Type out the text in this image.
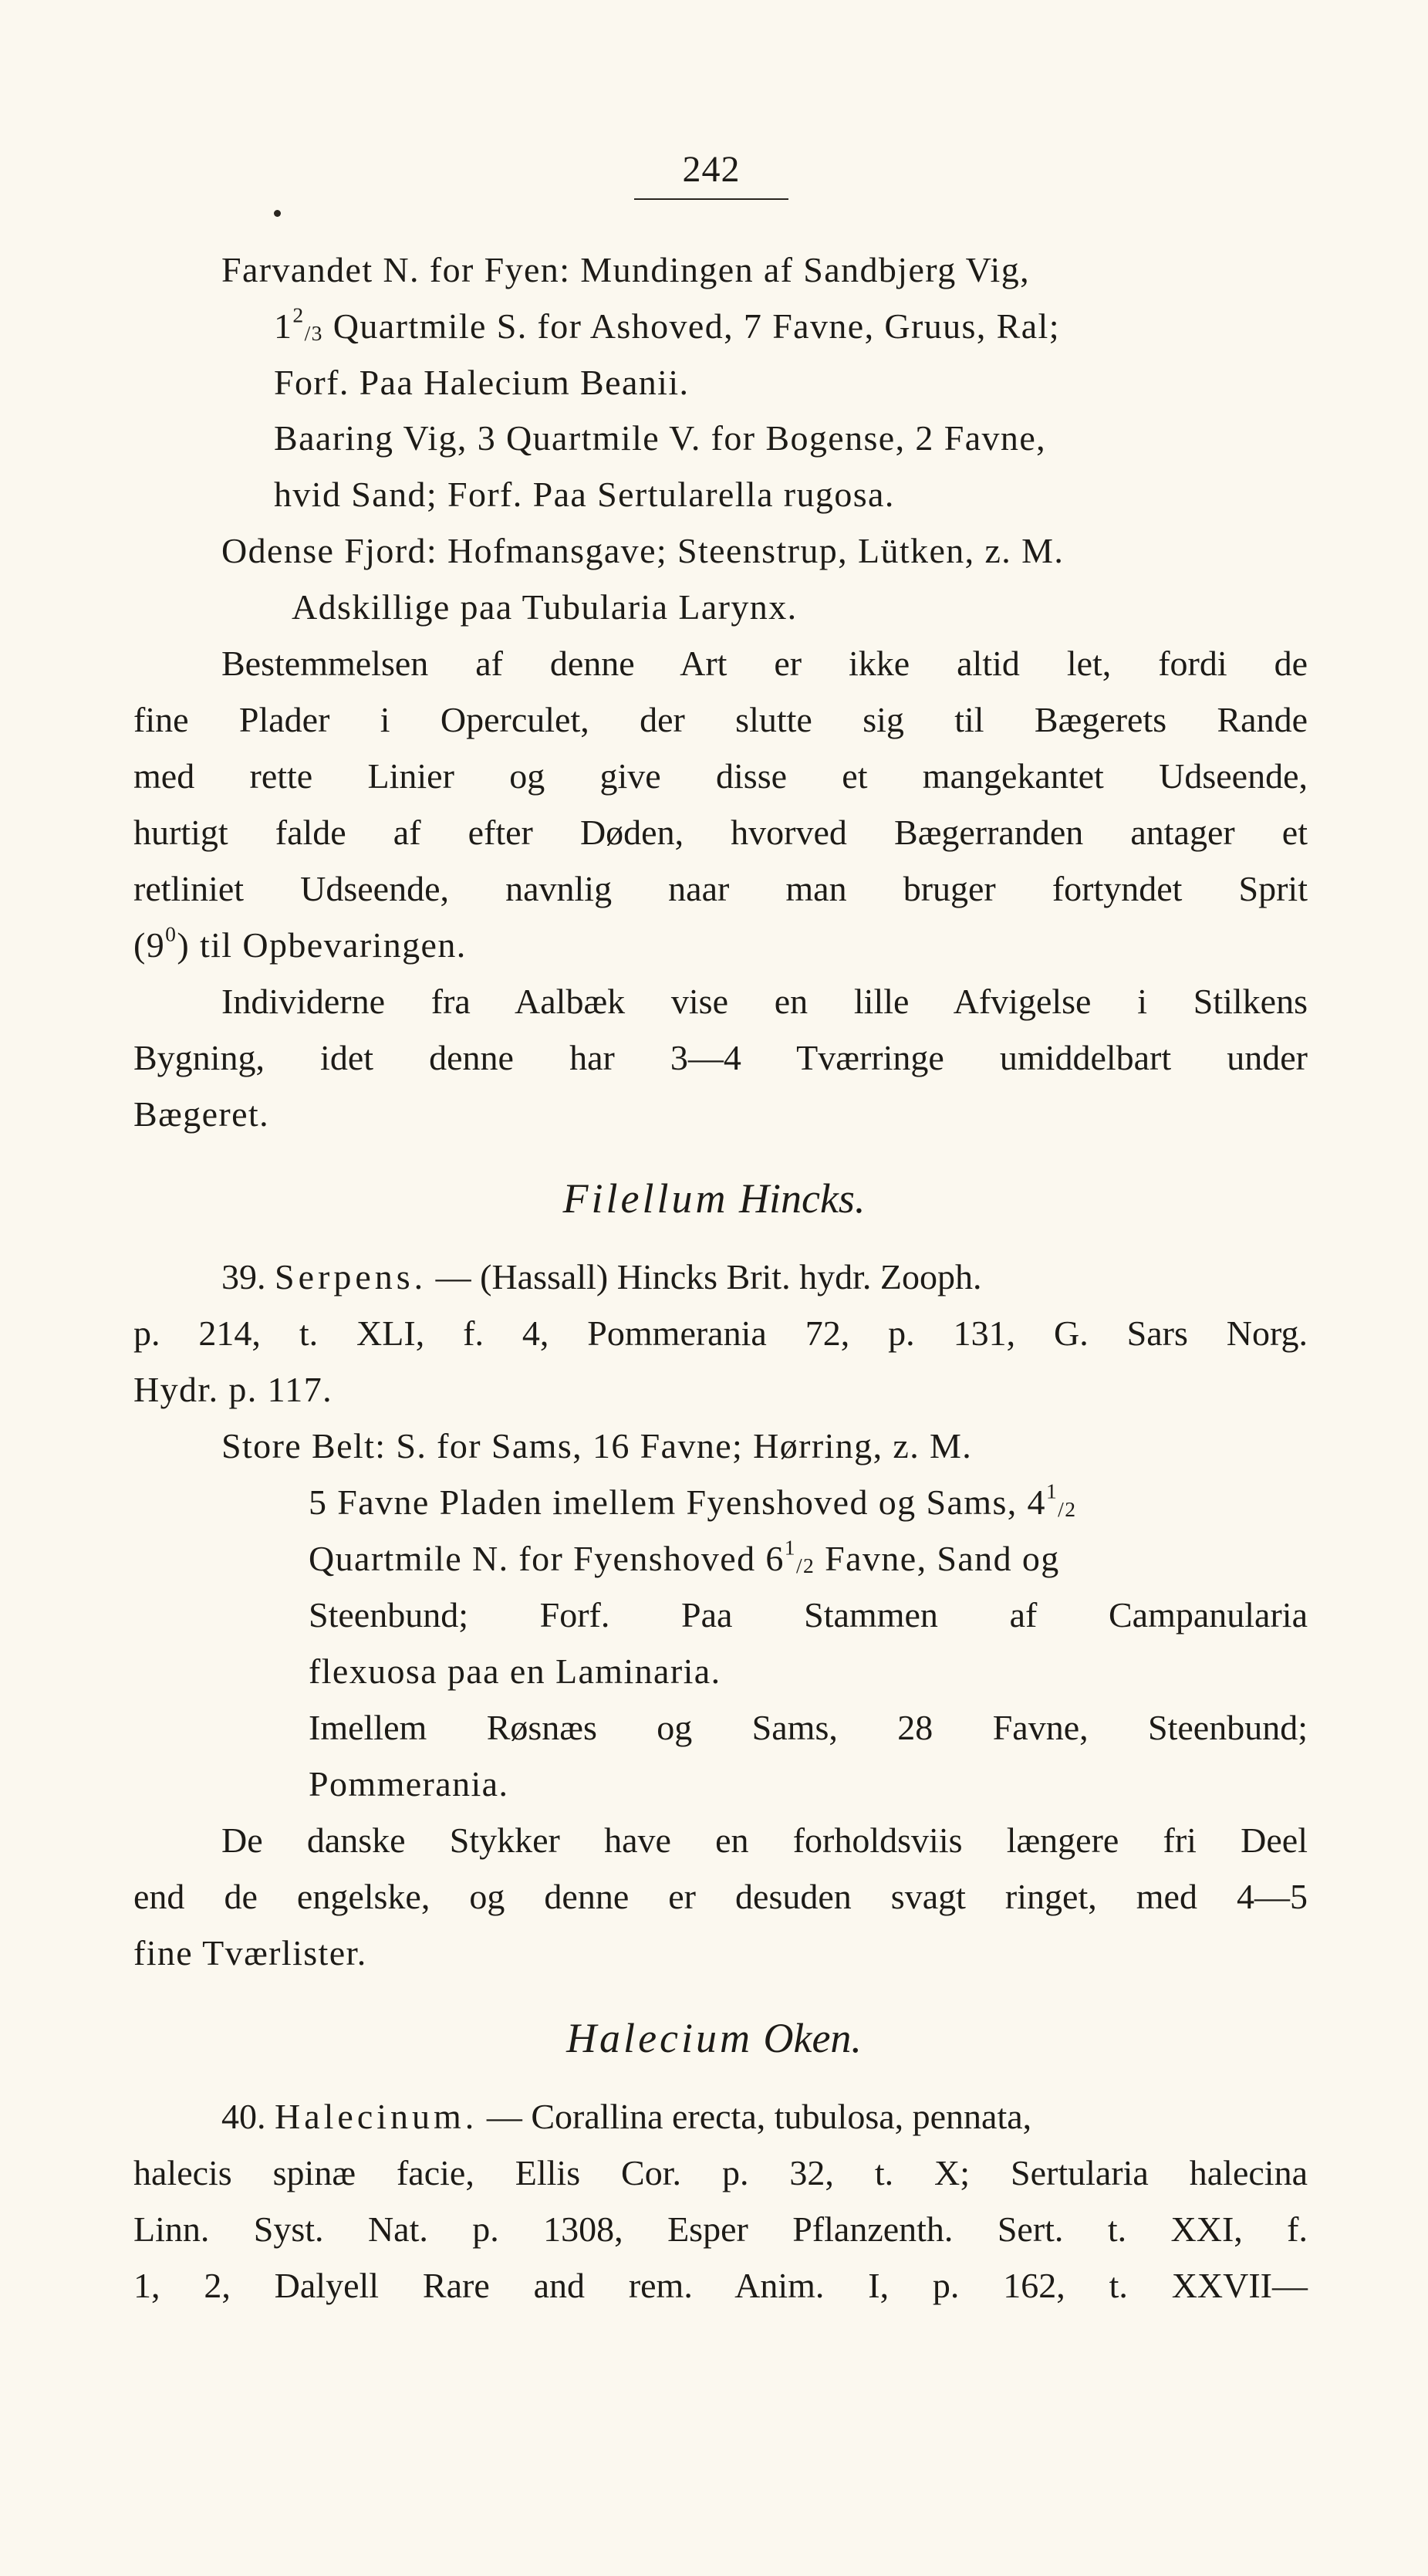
242
Farvandet N. for Fyen: Mundingen af Sandbjerg Vig,
$1^2_{/3}$ Quartmile S. for Ashoved, 7 Favne, Gruus, Ral;
Forf. Paa Halecium Beanii.
Baaring Vig, 3 Quartmile V. for Bogense, 2 Favne,
hvid Sand; Forf. Paa Sertularella rugosa.
Odense Fjord: Hofmansgave; Steenstrup, Lütken, z. M.
Adskillige paa Tubularia Larynx.
Bestemmelsen af denne Art er ikke altid let, fordi de
fine Plader i Operculet, der slutte sig til Bægerets Rande
med rette Linier og give disse et mangekantet Udseende,
hurtigt falde af efter Døden, hvorved Bægerranden antager et
retliniet Udseende, navnlig naar man bruger fortyndet Sprit
$(9^0)$ til Opbevaringen.
Individerne fra Aalbæk vise en lille Afvigelse i Stilkens
Bygning, idet denne har 3—4 Tværringe umiddelbart under
Bægeret.
Filellum Hincks.
39. Serpens. — (Hassall) Hincks Brit. hydr. Zooph.
p. 214, t. XLI, f. 4, Pommerania 72, p. 131, G. Sars Norg.
Hydr. p. 117.
Store Belt: S. for Sams, 16 Favne; Hørring, z. M.
5 Favne Pladen imellem Fyenshoved og Sams, $4^1_{/2}$
Quartmile N. for Fyenshoved $6^1_{/2}$ Favne, Sand og
Steenbund; Forf. Paa Stammen af Campanularia
flexuosa paa en Laminaria.
Imellem Røsnæs og Sams, 28 Favne, Steenbund;
Pommerania.
De danske Stykker have en forholdsviis længere fri Deel
end de engelske, og denne er desuden svagt ringet, med 4—5
fine Tværlister.
Halecium Oken.
40. Halecinum. — Corallina erecta, tubulosa, pennata,
halecis spinæ facie, Ellis Cor. p. 32, t. X; Sertularia halecina
Linn. Syst. Nat. p. 1308, Esper Pflanzenth. Sert. t. XXI, f.
1, 2, Dalyell Rare and rem. Anim. I, p. 162, t. XXVII—
